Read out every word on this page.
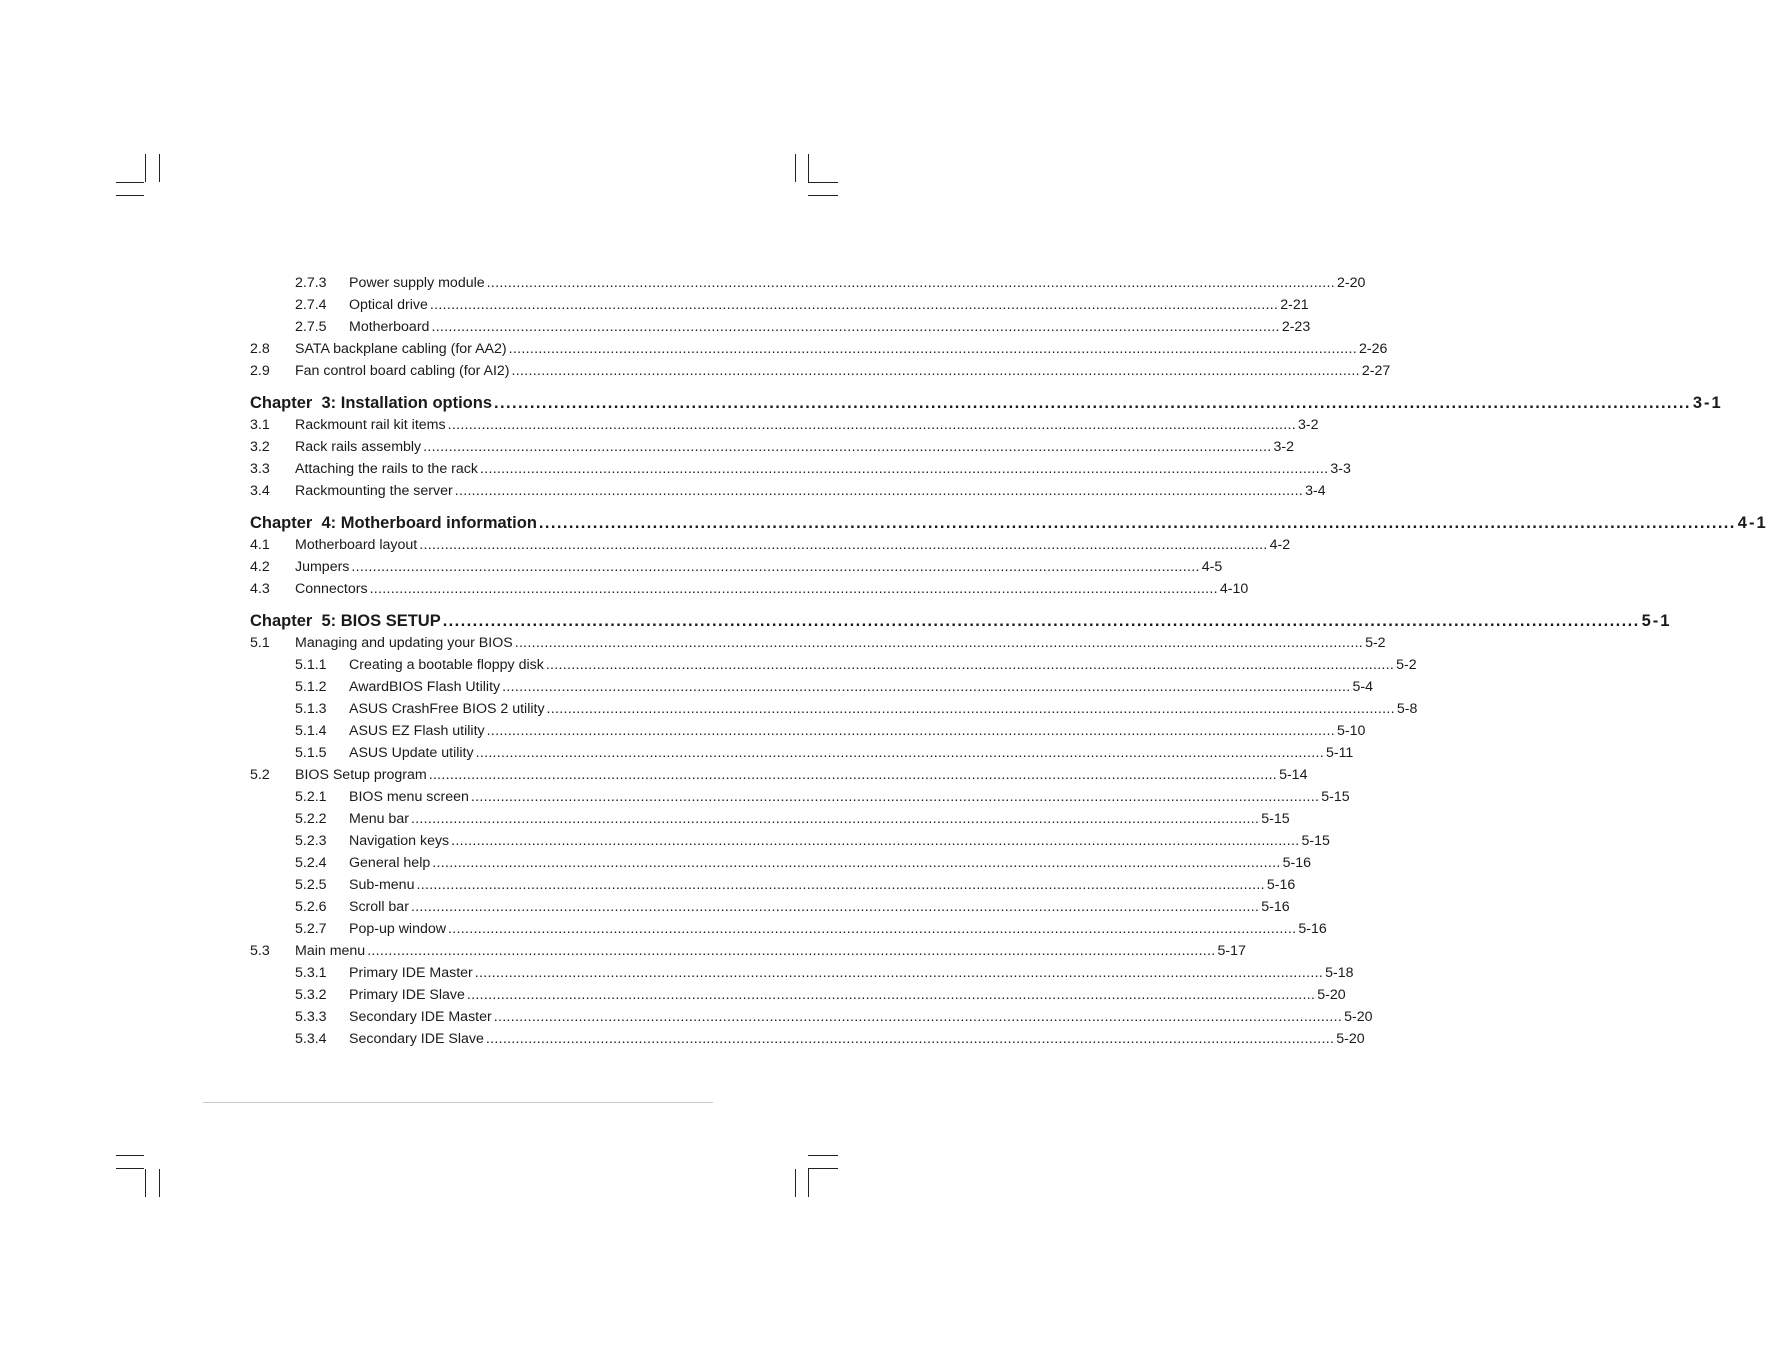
2.7.3 Power supply module ........................................................................................................................................................................................................ 2-20
2.7.4 Optical drive ........................................................................................................................................................................................................ 2-21
2.7.5 Motherboard ........................................................................................................................................................................................................ 2-23
2.8 SATA backplane cabling (for AA2) ........................................................................................................................................................................................................ 2-26
2.9 Fan control board cabling (for AI2) ........................................................................................................................................................................................................ 2-27
Chapter  3: Installation options ........................................................................................................................................................................................................ 3-1
3.1 Rackmount rail kit items ........................................................................................................................................................................................................ 3-2
3.2 Rack rails assembly ........................................................................................................................................................................................................ 3-2
3.3 Attaching the rails to the rack ........................................................................................................................................................................................................ 3-3
3.4 Rackmounting the server ........................................................................................................................................................................................................ 3-4
Chapter  4: Motherboard information ........................................................................................................................................................................................................ 4-1
4.1 Motherboard layout ........................................................................................................................................................................................................ 4-2
4.2 Jumpers ........................................................................................................................................................................................................ 4-5
4.3 Connectors ........................................................................................................................................................................................................ 4-10
Chapter  5: BIOS SETUP ........................................................................................................................................................................................................ 5-1
5.1 Managing and updating your BIOS ........................................................................................................................................................................................................ 5-2
5.1.1 Creating a bootable floppy disk ........................................................................................................................................................................................................ 5-2
5.1.2 AwardBIOS Flash Utility ........................................................................................................................................................................................................ 5-4
5.1.3 ASUS CrashFree BIOS 2 utility ........................................................................................................................................................................................................ 5-8
5.1.4 ASUS EZ Flash utility ........................................................................................................................................................................................................ 5-10
5.1.5 ASUS Update utility ........................................................................................................................................................................................................ 5-11
5.2 BIOS Setup program ........................................................................................................................................................................................................ 5-14
5.2.1 BIOS menu screen ........................................................................................................................................................................................................ 5-15
5.2.2 Menu bar ........................................................................................................................................................................................................ 5-15
5.2.3 Navigation keys ........................................................................................................................................................................................................ 5-15
5.2.4 General help ........................................................................................................................................................................................................ 5-16
5.2.5 Sub-menu ........................................................................................................................................................................................................ 5-16
5.2.6 Scroll bar ........................................................................................................................................................................................................ 5-16
5.2.7 Pop-up window ........................................................................................................................................................................................................ 5-16
5.3 Main menu ........................................................................................................................................................................................................ 5-17
5.3.1 Primary IDE Master ........................................................................................................................................................................................................ 5-18
5.3.2 Primary IDE Slave ........................................................................................................................................................................................................ 5-20
5.3.3 Secondary IDE Master ........................................................................................................................................................................................................ 5-20
5.3.4 Secondary IDE Slave ........................................................................................................................................................................................................ 5-20
